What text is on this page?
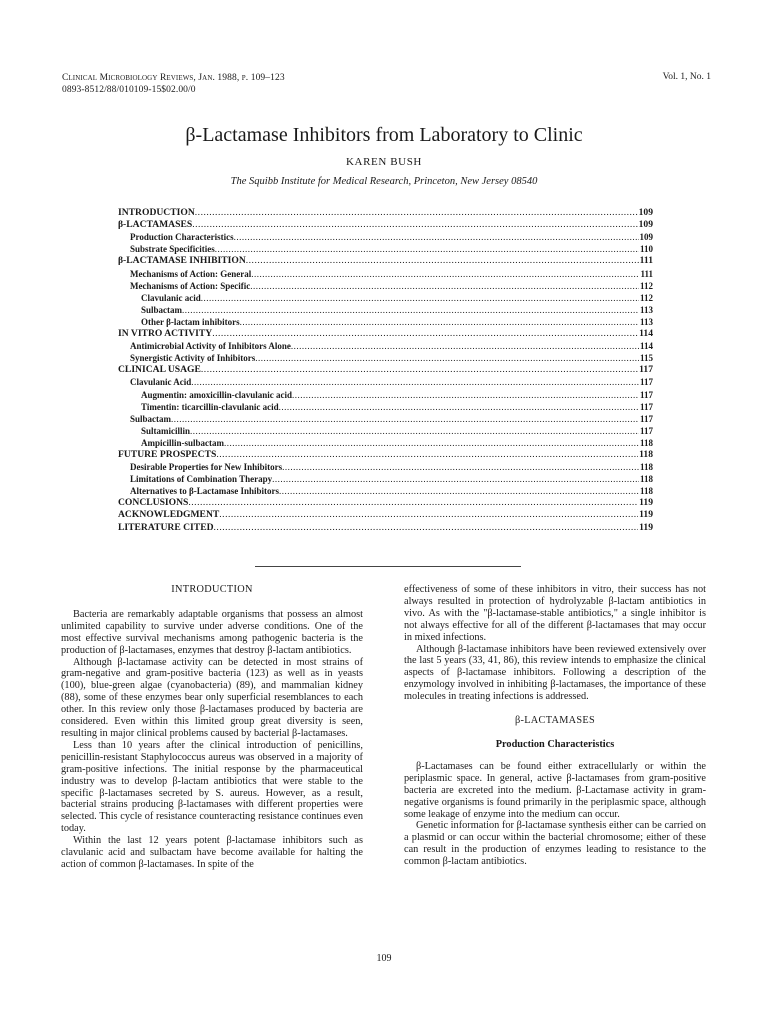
Clinical Microbiology Reviews, Jan. 1988, p. 109–123
0893-8512/88/010109-15$02.00/0
Vol. 1, No. 1
β-Lactamase Inhibitors from Laboratory to Clinic
KAREN BUSH
The Squibb Institute for Medical Research, Princeton, New Jersey 08540
INTRODUCTION .....	109
β-LACTAMASES .....	109
Production Characteristics .....	109
Substrate Specificities .....	110
β-LACTAMASE INHIBITION .....	111
Mechanisms of Action: General .....	111
Mechanisms of Action: Specific .....	112
Clavulanic acid .....	112
Sulbactam .....	113
Other β-lactam inhibitors .....	113
IN VITRO ACTIVITY .....	114
Antimicrobial Activity of Inhibitors Alone .....	114
Synergistic Activity of Inhibitors .....	115
CLINICAL USAGE .....	117
Clavulanic Acid .....	117
Augmentin: amoxicillin-clavulanic acid .....	117
Timentin: ticarcillin-clavulanic acid .....	117
Sulbactam .....	117
Sultamicillin .....	117
Ampicillin-sulbactam .....	118
FUTURE PROSPECTS .....	118
Desirable Properties for New Inhibitors .....	118
Limitations of Combination Therapy .....	118
Alternatives to β-Lactamase Inhibitors .....	118
CONCLUSIONS .....	119
ACKNOWLEDGMENT .....	119
LITERATURE CITED .....	119
INTRODUCTION

Bacteria are remarkably adaptable organisms that possess an almost unlimited capability to survive under adverse conditions. One of the most effective survival mechanisms among pathogenic bacteria is the production of β-lactamases, enzymes that destroy β-lactam antibiotics.

Although β-lactamase activity can be detected in most strains of gram-negative and gram-positive bacteria (123) as well as in yeasts (100), blue-green algae (cyanobacteria) (89), and mammalian kidney (88), some of these enzymes bear only superficial resemblances to each other. In this review only those β-lactamases produced by bacteria are considered. Even within this limited group great diversity is seen, resulting in major clinical problems caused by bacterial β-lactamases.

Less than 10 years after the clinical introduction of penicillins, penicillin-resistant Staphylococcus aureus was observed in a majority of gram-positive infections. The initial response by the pharmaceutical industry was to develop β-lactam antibiotics that were stable to the specific β-lactamases secreted by S. aureus. However, as a result, bacterial strains producing β-lactamases with different properties were selected. This cycle of resistance counteracting resistance continues even today.

Within the last 12 years potent β-lactamase inhibitors such as clavulanic acid and sulbactam have become available for halting the action of common β-lactamases. In spite of the

effectiveness of some of these inhibitors in vitro, their success has not always resulted in protection of hydrolyzable β-lactam antibiotics in vivo. As with the "β-lactamase-stable antibiotics," a single inhibitor is not always effective for all of the different β-lactamases that may occur in mixed infections.

Although β-lactamase inhibitors have been reviewed extensively over the last 5 years (33, 41, 86), this review intends to emphasize the clinical aspects of β-lactamase inhibitors. Following a description of the enzymology involved in inhibiting β-lactamases, the importance of these molecules in treating infections is addressed.

β-LACTAMASES
Production Characteristics

β-Lactamases can be found either extracellularly or within the periplasmic space. In general, active β-lactamases from gram-positive bacteria are excreted into the medium. β-Lactamase activity in gram-negative organisms is found primarily in the periplasmic space, although some leakage of enzyme into the medium can occur.

Genetic information for β-lactamase synthesis either can be carried on a plasmid or can occur within the bacterial chromosome; either of these can result in the production of enzymes leading to resistance to the common β-lactam antibiotics.

109
